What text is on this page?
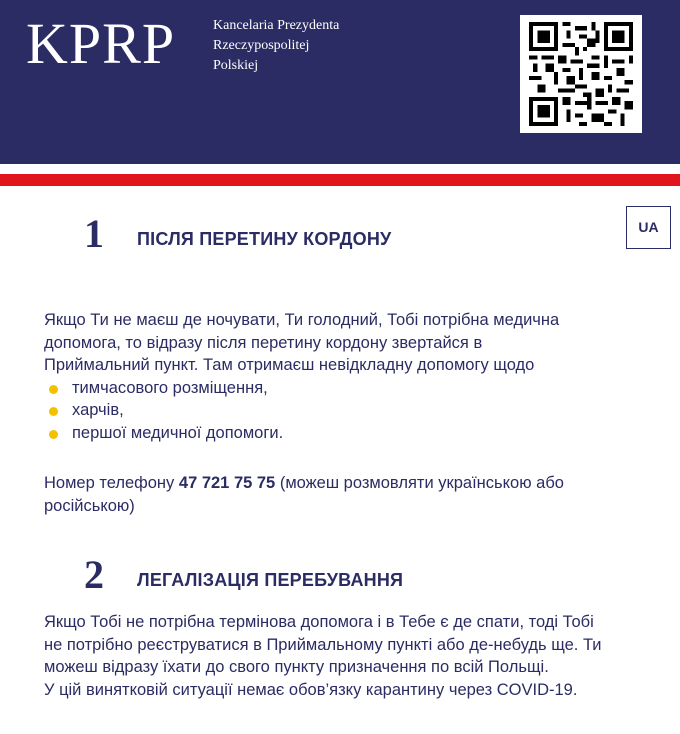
KPRP	Kancelaria Prezydenta
Rzeczypospolitej
Polskiej
1 ПІСЛЯ ПЕРЕТИНУ КОРДОНУ
UA
Якщо Ти не маєш де ночувати, Ти голодний, Тобі потрібна медична
допомога, то відразу після перетину кордону звертайся в
Приймальний пункт. Там отримаєш невідкладну допомогу щодо
тимчасового розміщення,
харчів,
першої медичної допомоги.
Номер телефону 47 721 75 75 (можеш розмовляти українською або
російською)
2 ЛЕГАЛІЗАЦІЯ ПЕРЕБУВАННЯ
Якщо Тобі не потрібна термінова допомога і в Тебе є де спати, тоді Тобі
не потрібно реєструватися в Приймальному пункті або де-небудь ще. Ти
можеш відразу їхати до свого пункту призначення по всій Польщі.
У цій винятковій ситуації немає обов’язку карантину через COVID-19.
